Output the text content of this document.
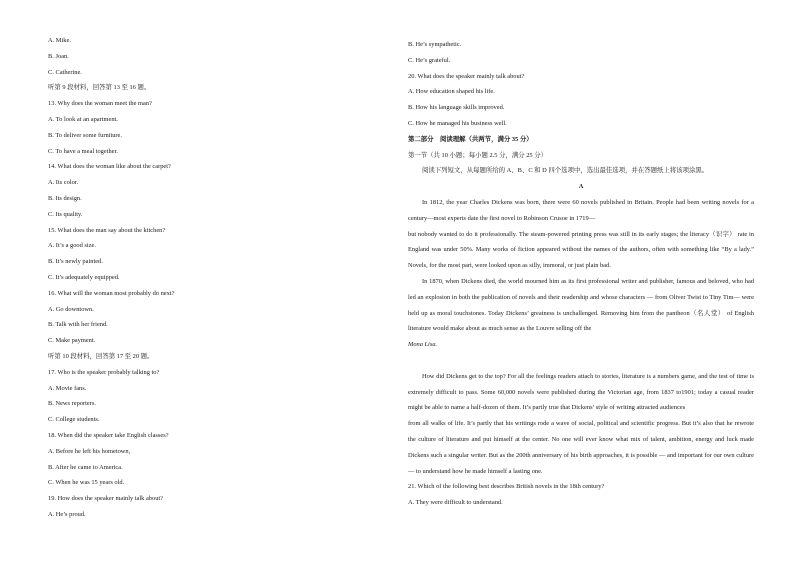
A. Mike.

B. Joan.

C. Catherine.

听第 9 段材料，回答第 13 至 16 题。

13. Why does the woman meet the man?

A. To look at an apartment.

B. To deliver some furniture.

C. To have a meal together.

14. What does the woman like about the carpet?

A. Its color.

B. Its design.

C. Its quality.

15. What does the man say about the kitchen?

A. It’s a good size.

B. It’s newly painted.

C. It’s adequately equipped.

16. What will the woman most probably do next?

A. Go downtown.

B. Talk with her friend.

C. Make payment.

听第 10 段材料，回答第 17 至 20 题。

17. Who is the speaker probably talking to?

A. Movie fans.

B. News reporters.

C. College students.

18. When did the speaker take English classes?

A. Before he left his hometown,

B. After he came to America.

C. When he was 15 years old.

19. How does the speaker mainly talk about?

A. He’s proud.

B. He’s sympathetic.

C. He’s grateful.

20. What does the speaker mainly talk about?

A. How education shaped his life.

B. How his language skills improved.

C. How he managed his business well.

第二部分　阅读理解（共两节，满分 35 分）

第一节（共 10 小题；每小题 2.5 分，满分 25 分）

阅读下列短文，从每题所给的 A、B、C 和 D 四个选项中，选出最佳选项，并在答题纸上将该项涂黑。

A

In 1812, the year Charles Dickens was born, there were 60 novels published in Britain. People had been writing novels for a century—most experts date the first novel to Robinson Crusoe in 1719—

but nobody wanted to do it professionally. The steam-powered printing press was still in its early stages; the literacy（识字） rate in England was under 50%. Many works of fiction appeared without the names of the authors, often with something like “By a lady.” Novels, for the most part, were looked upon as silly, immoral, or just plain bad.

In 1870, when Dickens died, the world mourned him as its first professional writer and publisher, famous and beloved, who had led an explosion in both the publication of novels and their readership and whose characters — from Oliver Twist to Tiny Tim— were held up as moral touchstones. Today Dickens’ greatness is unchallenged. Removing him from the pantheon（名人堂） of English literature would make about as much sense as the Louvre selling off the
Mona Lisa.

How did Dickens get to the top? For all the feelings readers attach to stories, literature is a numbers game, and the test of time is extremely difficult to pass. Some 60,000 novels were published during the Victorian age, from 1837 to1901; today a casual reader might be able to name a half-dozen of them. It’s partly true that Dickens’ style of writing attracted audiences

from all walks of life. It’s partly that his writings rode a wave of social, political and scientific progress. But it’s also that he rewrote the culture of literature and put himself at the center. No one will ever know what mix of talent, ambition, energy and luck made Dickens such a singular writer. But as the 200th anniversary of his birth approaches, it is possible — and important for our own culture — to understand how he made himself a lasting one.

21. Which of the following best describes British novels in the 18th century?

A. They were difficult to understand.
